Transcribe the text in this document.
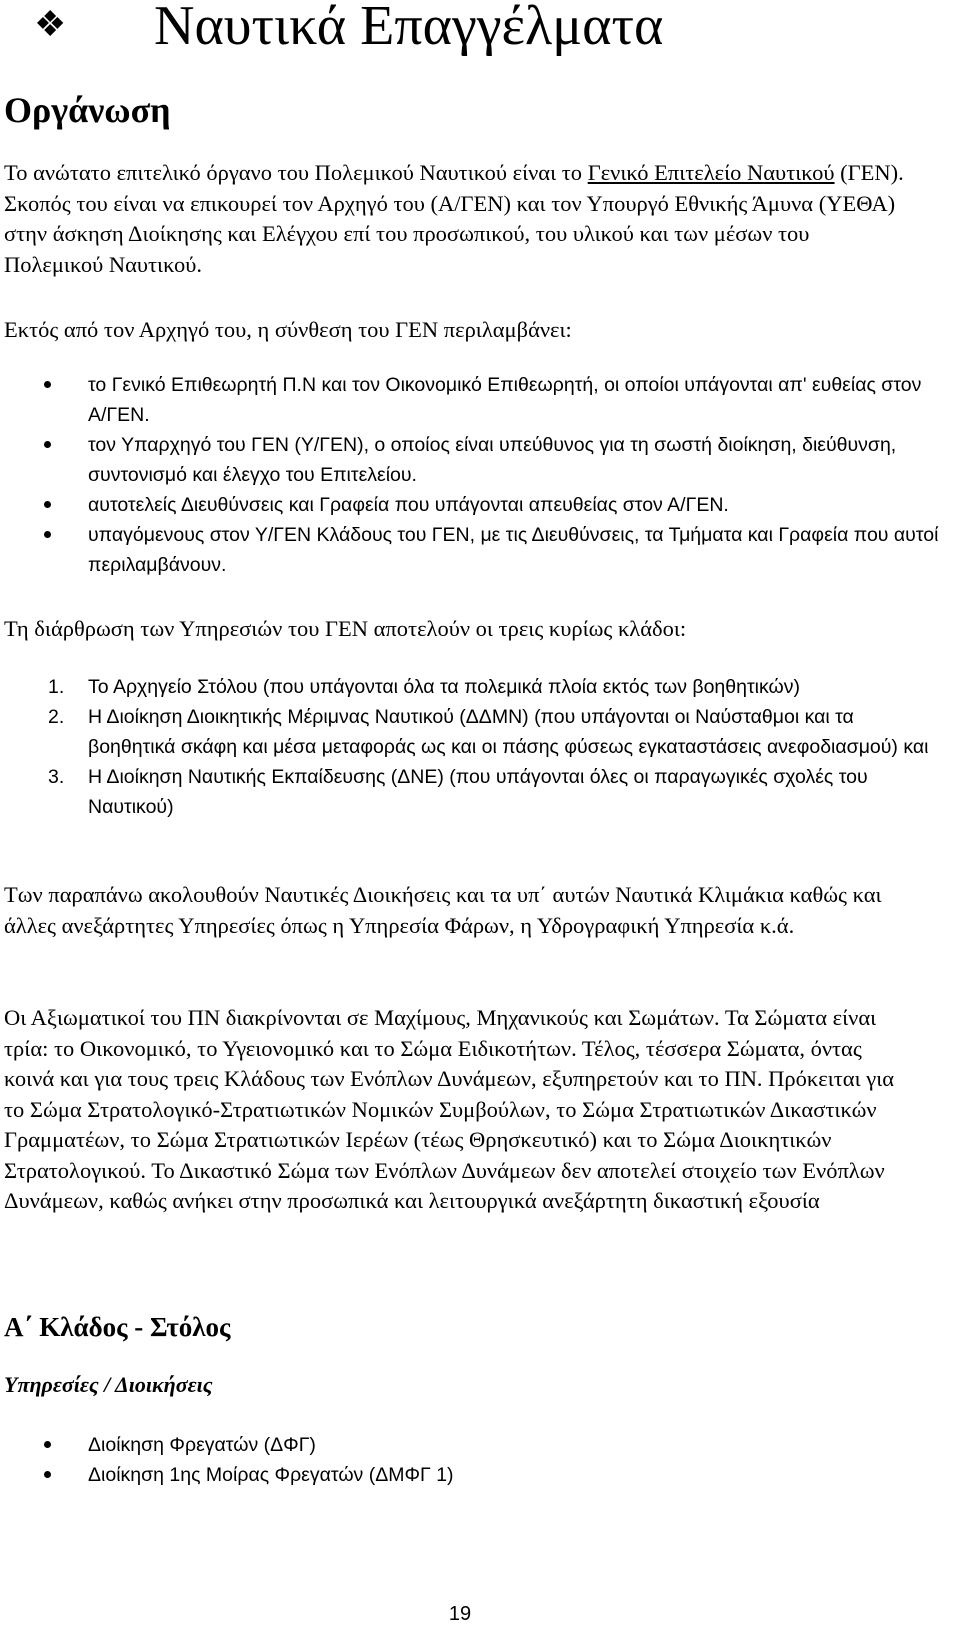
❖ Ναυτικά Επαγγέλματα
Οργάνωση

Το ανώτατο επιτελικό όργανο του Πολεμικού Ναυτικού είναι το Γενικό Επιτελείο Ναυτικού (ΓΕΝ). Σκοπός του είναι να επικουρεί τον Αρχηγό του (Α/ΓΕΝ) και τον Υπουργό Εθνικής Άμυνα (ΥΕΘΑ) στην άσκηση Διοίκησης και Ελέγχου επί του προσωπικού, του υλικού και των μέσων του Πολεμικού Ναυτικού.

Εκτός από τον Αρχηγό του, η σύνθεση του ΓΕΝ περιλαμβάνει:

το Γενικό Επιθεωρητή Π.Ν και τον Οικονομικό Επιθεωρητή, οι οποίοι υπάγονται απ' ευθείας στον Α/ΓΕΝ.
τον Υπαρχηγό του ΓΕΝ (Υ/ΓΕΝ), ο οποίος είναι υπεύθυνος για τη σωστή διοίκηση, διεύθυνση, συντονισμό και έλεγχο του Επιτελείου.
αυτοτελείς Διευθύνσεις και Γραφεία που υπάγονται απευθείας στον Α/ΓΕΝ.
υπαγόμενους στον Υ/ΓΕΝ Κλάδους του ΓΕΝ, με τις Διευθύνσεις, τα Τμήματα και Γραφεία που αυτοί περιλαμβάνουν.

Τη διάρθρωση των Υπηρεσιών του ΓΕΝ αποτελούν οι τρεις κυρίως κλάδοι:

1. Το Αρχηγείο Στόλου (που υπάγονται όλα τα πολεμικά πλοία εκτός των βοηθητικών)
2. Η Διοίκηση Διοικητικής Μέριμνας Ναυτικού (ΔΔΜΝ) (που υπάγονται οι Ναύσταθμοι και τα βοηθητικά σκάφη και μέσα μεταφοράς ως και οι πάσης φύσεως εγκαταστάσεις ανεφοδιασμού) και
3. Η Διοίκηση Ναυτικής Εκπαίδευσης (ΔΝΕ) (που υπάγονται όλες οι παραγωγικές σχολές του Ναυτικού)

Των παραπάνω ακολουθούν Ναυτικές Διοικήσεις και τα υπ΄ αυτών Ναυτικά Κλιμάκια καθώς και άλλες ανεξάρτητες Υπηρεσίες όπως η Υπηρεσία Φάρων, η Υδρογραφική Υπηρεσία κ.ά.

Οι Αξιωματικοί του ΠΝ διακρίνονται σε Μαχίμους, Μηχανικούς και Σωμάτων. Τα Σώματα είναι τρία: το Οικονομικό, το Υγειονομικό και το Σώμα Ειδικοτήτων. Τέλος, τέσσερα Σώματα, όντας κοινά και για τους τρεις Κλάδους των Ενόπλων Δυνάμεων, εξυπηρετούν και το ΠΝ. Πρόκειται για το Σώμα Στρατολογικό-Στρατιωτικών Νομικών Συμβούλων, το Σώμα Στρατιωτικών Δικαστικών Γραμματέων, το Σώμα Στρατιωτικών Ιερέων (τέως Θρησκευτικό) και το Σώμα Διοικητικών Στρατολογικού. Το Δικαστικό Σώμα των Ενόπλων Δυνάμεων δεν αποτελεί στοιχείο των Ενόπλων Δυνάμεων, καθώς ανήκει στην προσωπικά και λειτουργικά ανεξάρτητη δικαστική εξουσία

Α΄ Κλάδος - Στόλος
Υπηρεσίες / Διοικήσεις
Διοίκηση Φρεγατών (ΔΦΓ)
Διοίκηση 1ης Μοίρας Φρεγατών (ΔΜΦΓ 1)
19
